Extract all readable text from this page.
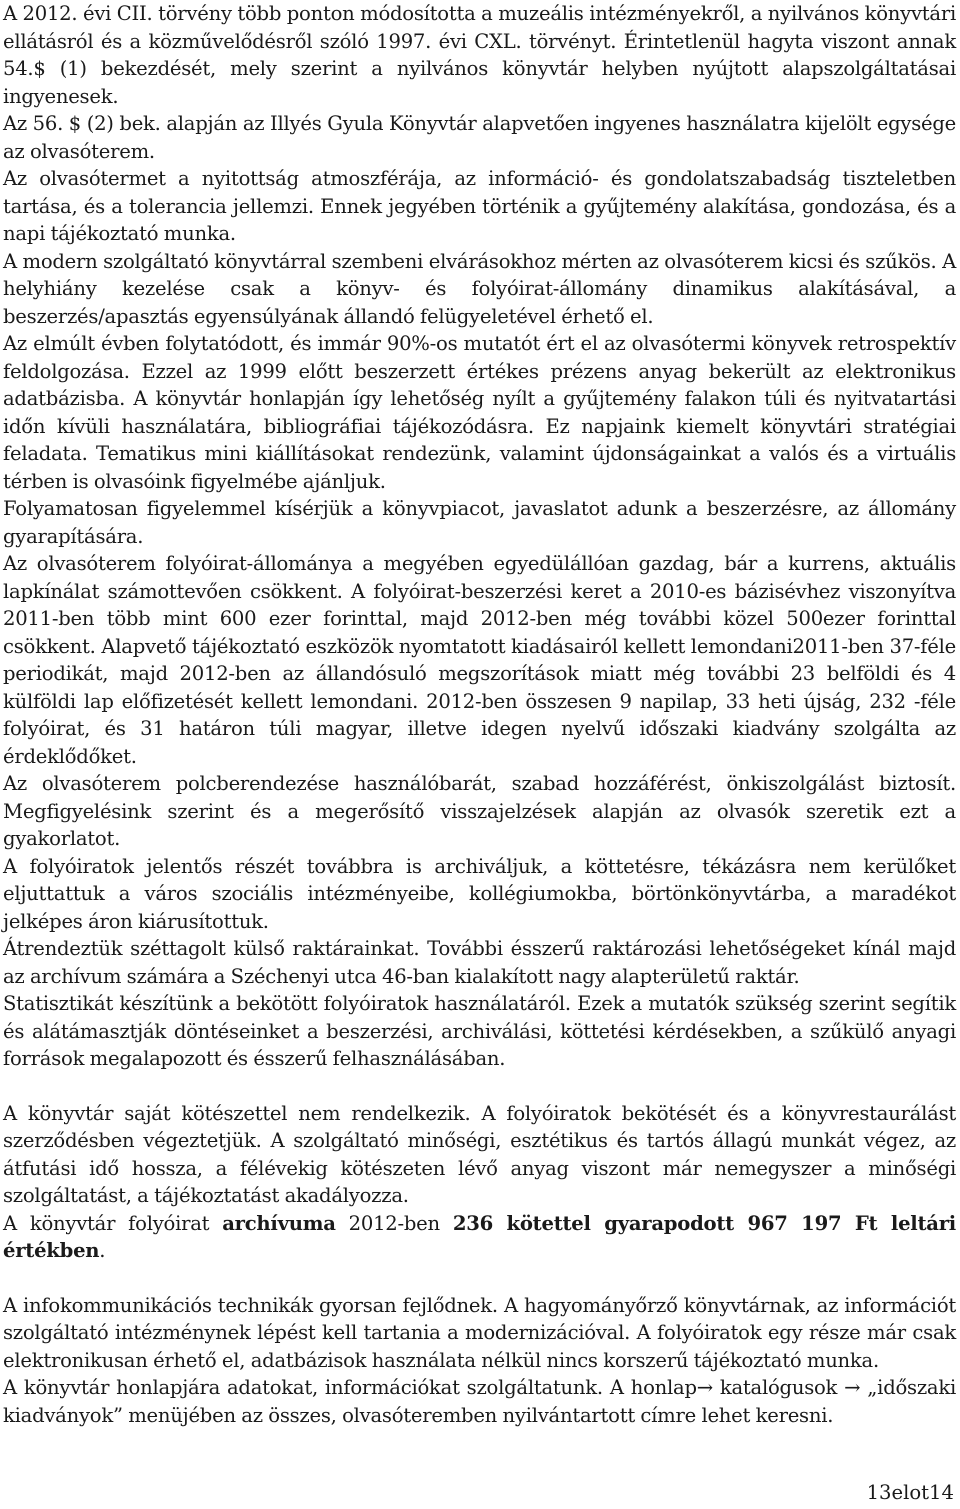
A 2012. évi CII. törvény több ponton módosította a muzeális intézményekről, a nyilvános könyvtári ellátásról és a közművelődésről szóló 1997. évi CXL. törvényt. Érintetlenül hagyta viszont annak 54.$ (1) bekezdését, mely szerint a nyilvános könyvtár helyben nyújtott alapszolgáltatásai ingyenesek.

Az 56. $ (2) bek. alapján az Illyés Gyula Könyvtár alapvetően ingyenes használatra kijelölt egysége az olvasóterem.

Az olvasótermet a nyitottság atmoszférája, az információ- és gondolatszabadság tiszteletben tartása, és a tolerancia jellemzi. Ennek jegyében történik a gyűjtemény alakítása, gondozása, és a napi tájékoztató munka.

A modern szolgáltató könyvtárral szembeni elvárásokhoz mérten az olvasóterem kicsi és szűkös. A helyhiány kezelése csak a könyv- és folyóirat-állomány dinamikus alakításával, a beszerzés/apasztás egyensúlyának állandó felügyeletével érhető el.

Az elmúlt évben folytatódott, és immár 90%-os mutatót ért el az olvasótermi könyvek retrospektív feldolgozása. Ezzel az 1999 előtt beszerzett értékes prézens anyag bekerült az elektronikus adatbázisba. A könyvtár honlapján így lehetőség nyílt a gyűjtemény falakon túli és nyitvatartási időn kívüli használatára, bibliográfiai tájékozódásra. Ez napjaink kiemelt könyvtári stratégiai feladata. Tematikus mini kiállításokat rendezünk, valamint újdonságainkat a valós és a virtuális térben is olvasóink figyelmébe ajánljuk.

Folyamatosan figyelemmel kísérjük a könyvpiacot, javaslatot adunk a beszerzésre, az állomány gyarapítására.

Az olvasóterem folyóirat-állománya a megyében egyedülállóan gazdag, bár a kurrens, aktuális lapkínálat számottevően csökkent. A folyóirat-beszerzési keret a 2010-es bázisévhez viszonyítva 2011-ben több mint 600 ezer forinttal, majd 2012-ben még további közel 500ezer forinttal csökkent. Alapvető tájékoztató eszközök nyomtatott kiadásairól kellett lemondani2011-ben 37-féle periodikát, majd 2012-ben az állandósuló megszorítások miatt még további 23 belföldi és 4 külföldi lap előfizetését kellett lemondani. 2012-ben összesen 9 napilap, 33 heti újság, 232 -féle folyóirat, és 31 határon túli magyar, illetve idegen nyelvű időszaki kiadvány szolgálta az érdeklődőket.

Az olvasóterem polcberendezése használóbarát, szabad hozzáférést, önkiszolgálást biztosít. Megfigyelésink szerint és a megerősítő visszajelzések alapján az olvasók szeretik ezt a gyakorlatot.

A folyóiratok jelentős részét továbbra is archiváljuk, a köttetésre, tékázásra nem kerülőket eljuttattuk a város szociális intézményeibe, kollégiumokba, börtönkönyvtárba, a maradékot jelképes áron kiárusítottuk.

Átrendeztük széttagolt külső raktárainkat. További ésszerű raktározási lehetőségeket kínál majd az archívum számára a Széchenyi utca 46-ban kialakított nagy alapterületű raktár.

Statisztikát készítünk a bekötött folyóiratok használatáról. Ezek a mutatók szükség szerint segítik és alátámasztják döntéseinket a beszerzési, archiválási, köttetési kérdésekben, a szűkülő anyagi források megalapozott és ésszerű felhasználásában.

A könyvtár saját kötészettel nem rendelkezik. A folyóiratok bekötését és a könyvrestaurálást szerződésben végeztetjük. A szolgáltató minőségi, esztétikus és tartós állagú munkát végez, az átfutási idő hossza, a félévekig kötészeten lévő anyag viszont már nemegyszer a minőségi szolgáltatást, a tájékoztatást akadályozza.

A könyvtár folyóirat archívuma 2012-ben 236 kötettel gyarapodott 967 197 Ft leltári értékben.

A infokommunikációs technikák gyorsan fejlődnek. A hagyományőrző könyvtárnak, az információt szolgáltató intézménynek lépést kell tartania a modernizációval. A folyóiratok egy része már csak elektronikusan érhető el, adatbázisok használata nélkül nincs korszerű tájékoztató munka.

A könyvtár honlapjára adatokat, információkat szolgáltatunk. A honlap→ katalógusok → „időszaki kiadványok” menüjében az összes, olvasóteremben nyilvántartott címre lehet keresni.

13elot14
